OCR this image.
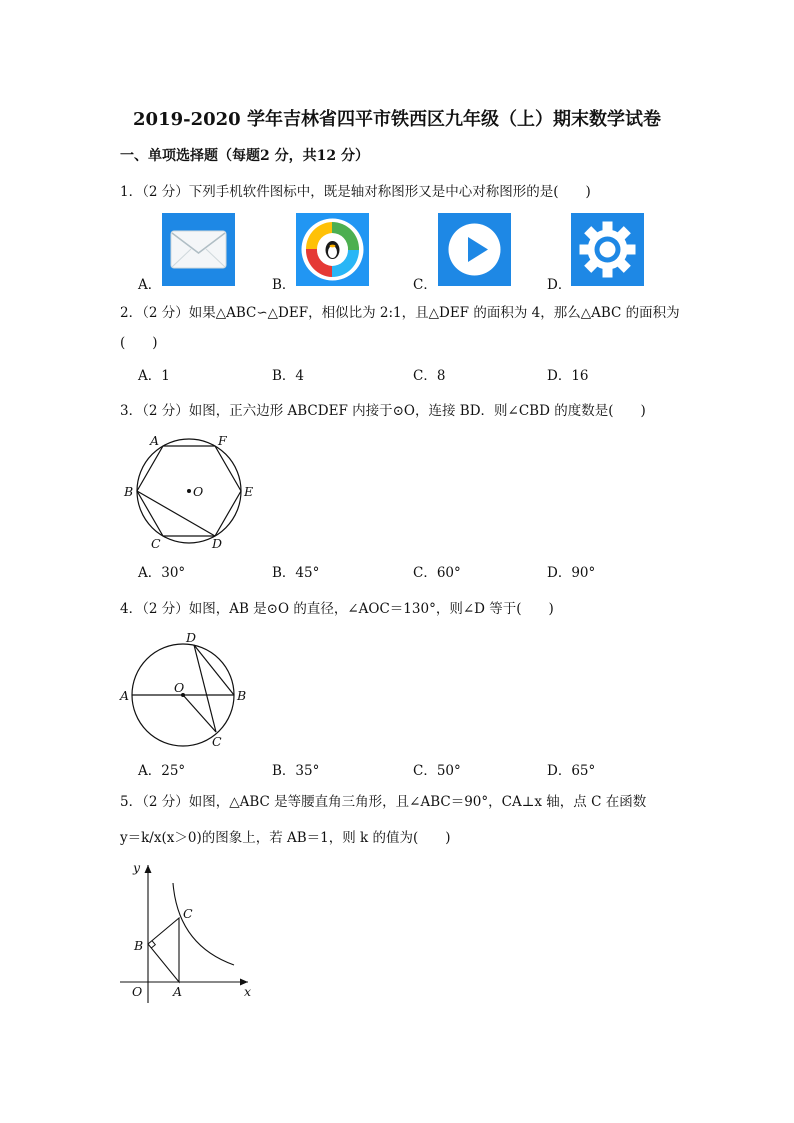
2019-2020 学年吉林省四平市铁西区九年级（上）期末数学试卷
一、单项选择题（每题2 分，共12 分）
1．（2 分）下列手机软件图标中，既是轴对称图形又是中心对称图形的是(　　)
A．	B．	C．	D．
2．（2 分）如果△ABC∽△DEF，相似比为 2:1，且△DEF 的面积为 4，那么△ABC 的面积为
(　　)
A．1	B．4	C．8	D．16
3．（2 分）如图，正六边形 ABCDEF 内接于⊙O，连接 BD．则∠CBD 的度数是(　　)
A	F
B	O	E
C	D
A．30°	B．45°	C．60°	D．90°
4．（2 分）如图，AB 是⊙O 的直径，∠AOC＝130°，则∠D 等于(　　)
D
A
O
B
C
A．25°	B．35°	C．50°	D．65°
5．（2 分）如图，△ABC 是等腰直角三角形，且∠ABC＝90°，CA⊥x 轴，点 C 在函数
y＝k/x(x＞0)的图象上，若 AB＝1，则 k 的值为(　　)
y
C
B
O A	x
